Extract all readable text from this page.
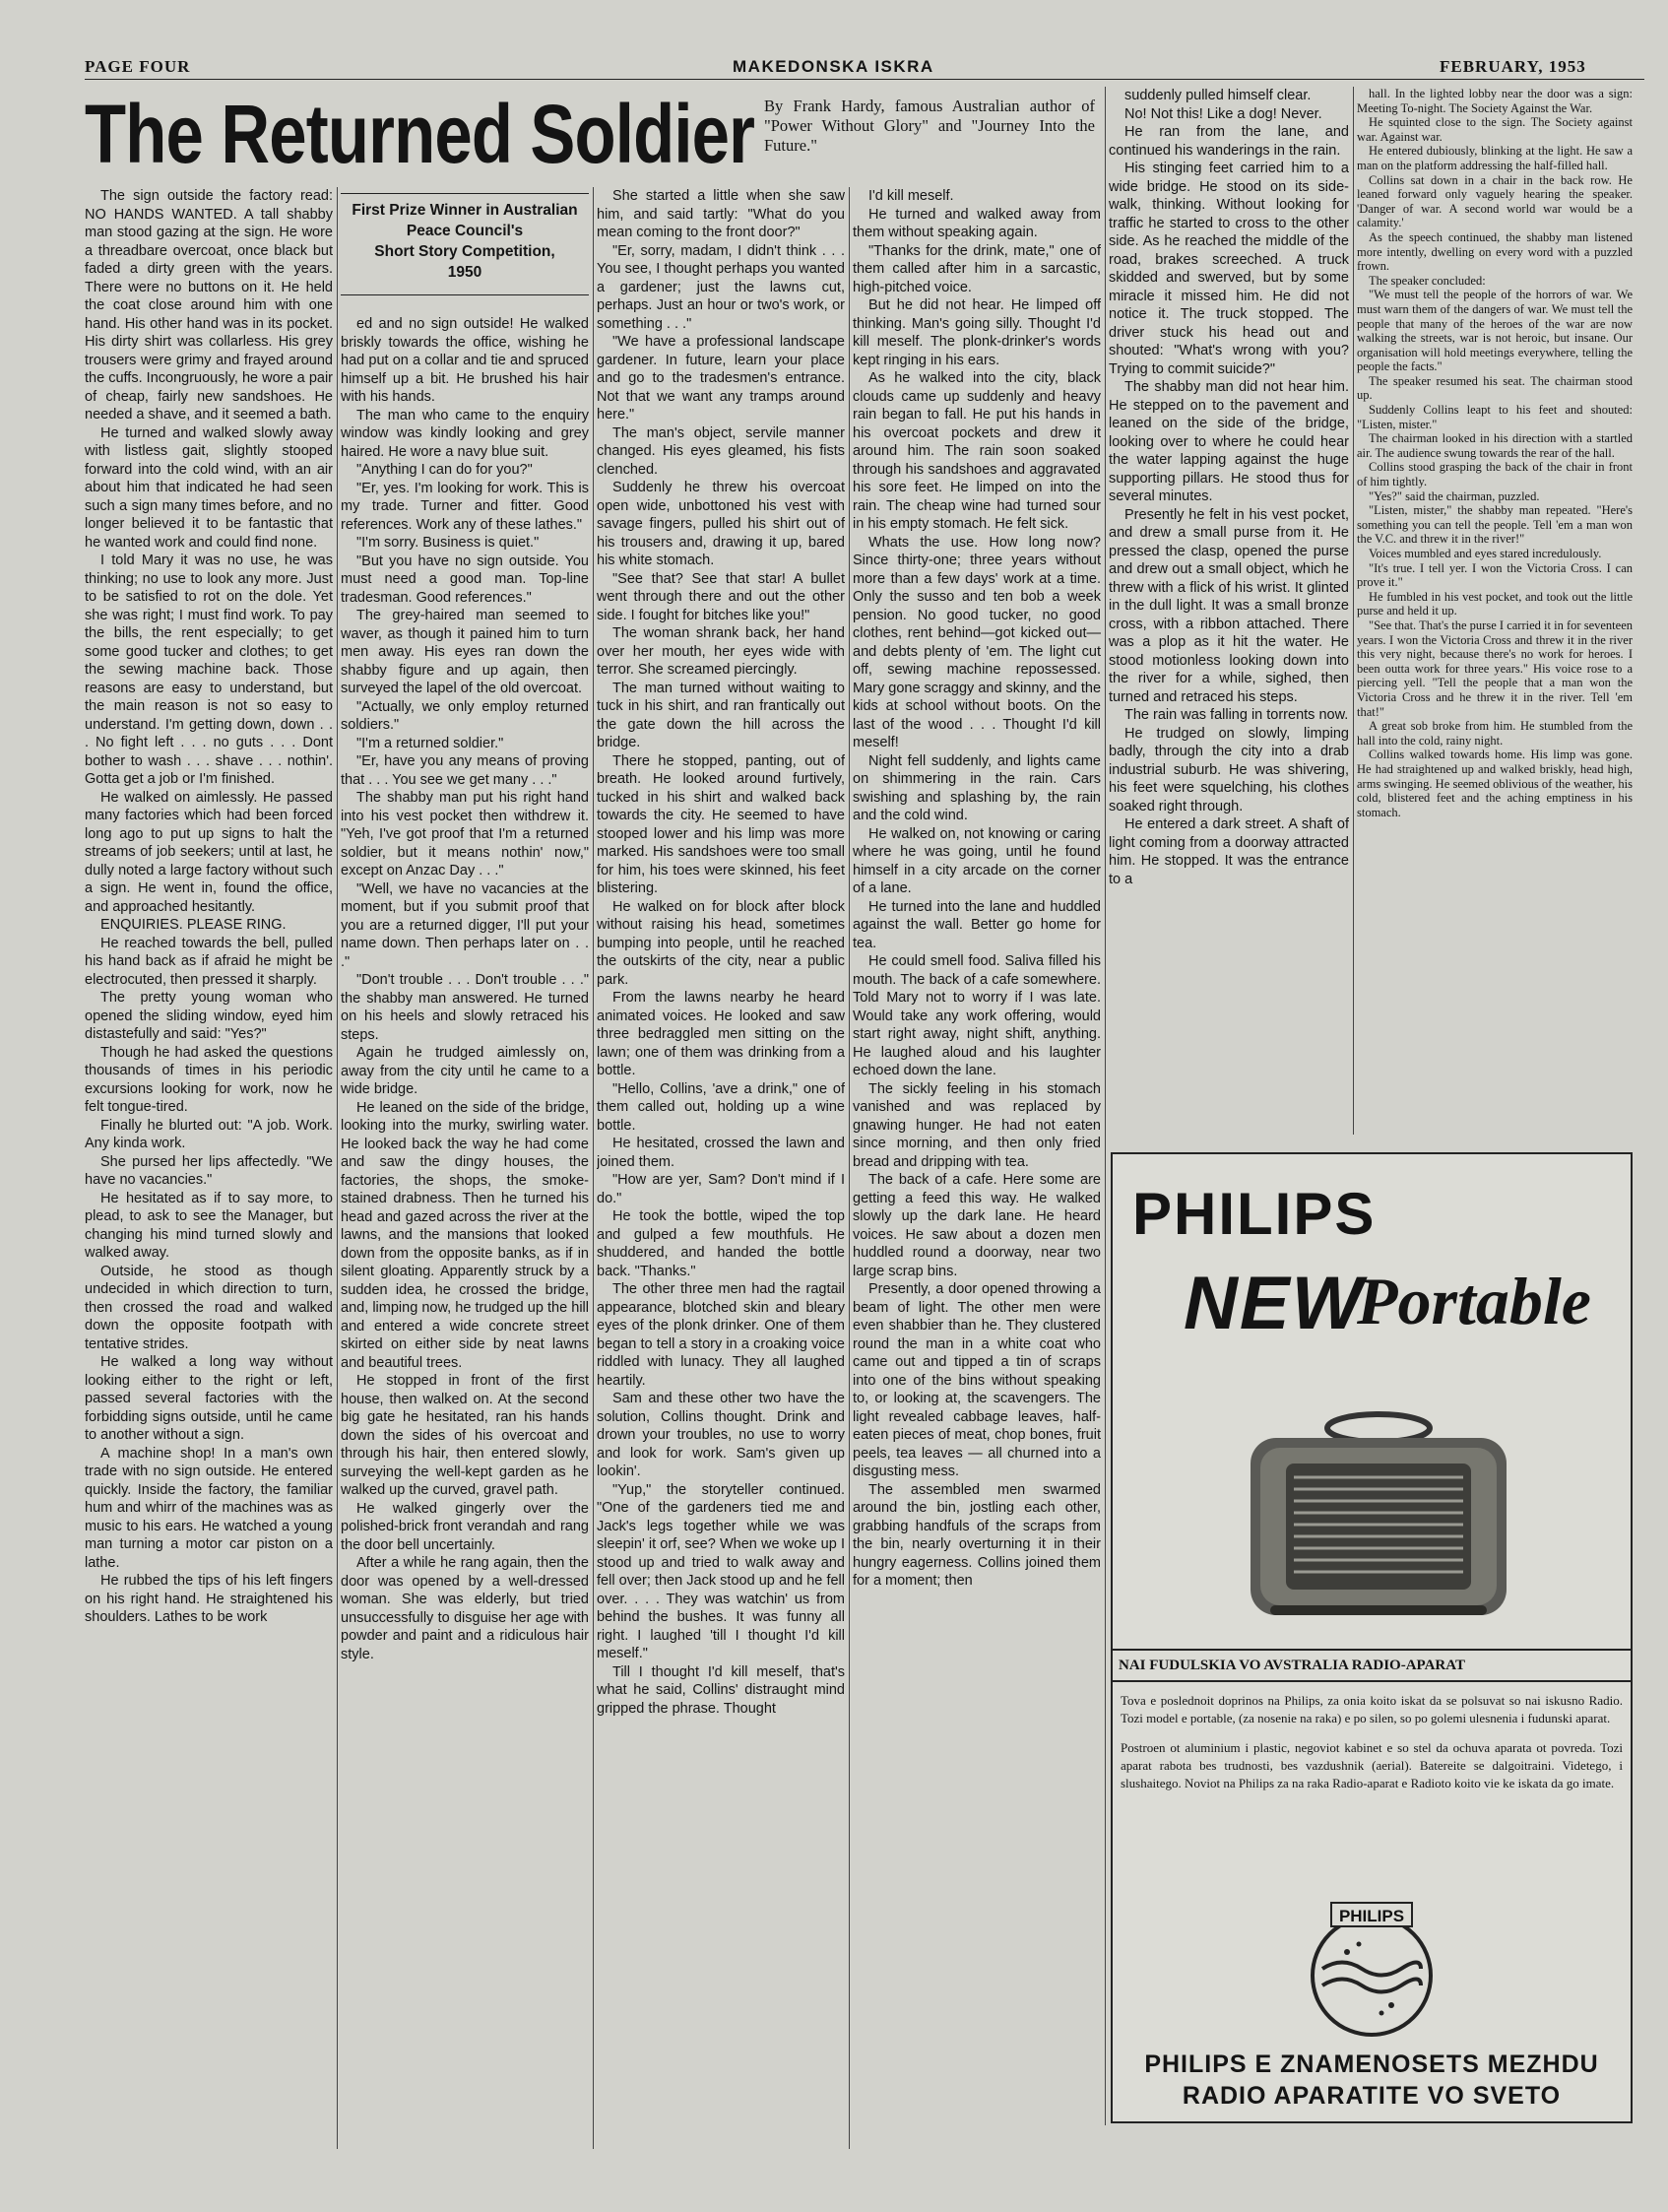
PAGE FOUR	MAKEDONSKA ISKRA	FEBRUARY, 1953
The Returned Soldier By Frank Hardy, famous Australian author of "Power Without Glory" and "Journey Into the Future."
First Prize Winner in Australian Peace Council's
Short Story Competition,
1950

The sign outside the factory read: NO HANDS WANTED. A tall shabby man stood gazing at the sign. He wore a threadbare overcoat, once black but faded a dirty green with the years. There were no buttons on it. He held the coat close around him with one hand. His other hand was in its pocket. His dirty shirt was collarless. His grey trousers were grimy and frayed around the cuffs. Incongruously, he wore a pair of cheap, fairly new sandshoes. He needed a shave, and it seemed a bath.

He turned and walked slowly away with listless gait, slightly stooped forward into the cold wind, with an air about him that indicated he had seen such a sign many times before, and no longer believed it to be fantastic that he wanted work and could find none.

I told Mary it was no use, he was thinking; no use to look any more. Just to be satisfied to rot on the dole. Yet she was right; I must find work. To pay the bills, the rent especially; to get some good tucker and clothes; to get the sewing machine back. Those reasons are easy to understand, but the main reason is not so easy to understand. I'm getting down, down . . . No fight left . . . no guts . . . Dont bother to wash . . . shave . . . nothin'. Gotta get a job or I'm finished.

He walked on aimlessly. He passed many factories which had been forced long ago to put up signs to halt the streams of job seekers; until at last, he dully noted a large factory without such a sign. He went in, found the office, and approached hesitantly.

ENQUIRIES. PLEASE RING.

He reached towards the bell, pulled his hand back as if afraid he might be electrocuted, then pressed it sharply.

The pretty young woman who opened the sliding window, eyed him distastefully and said: "Yes?"

Though he had asked the questions thousands of times in his periodic excursions looking for work, now he felt tongue-tired.

Finally he blurted out: "A job. Work. Any kinda work.

She pursed her lips affectedly. "We have no vacancies."

He hesitated as if to say more, to plead, to ask to see the Manager, but changing his mind turned slowly and walked away.

Outside, he stood as though undecided in which direction to turn, then crossed the road and walked down the opposite footpath with tentative strides.

He walked a long way without looking either to the right or left, passed several factories with the forbidding signs outside, until he came to another without a sign.

A machine shop! In a man's own trade with no sign outside. He entered quickly. Inside the factory, the familiar hum and whirr of the machines was as music to his ears. He watched a young man turning a motor car piston on a lathe.

He rubbed the tips of his left fingers on his right hand. He straightened his shoulders. Lathes to be work

ed and no sign outside! He walked briskly towards the office, wishing he had put on a collar and tie and spruced himself up a bit. He brushed his hair with his hands.

The man who came to the enquiry window was kindly looking and grey haired. He wore a navy blue suit.

"Anything I can do for you?"

"Er, yes. I'm looking for work. This is my trade. Turner and fitter. Good references. Work any of these lathes."

"I'm sorry. Business is quiet."

"But you have no sign outside. You must need a good man. Top-line tradesman. Good references."

The grey-haired man seemed to waver, as though it pained him to turn men away. His eyes ran down the shabby figure and up again, then surveyed the lapel of the old overcoat.

"Actually, we only employ returned soldiers."

"I'm a returned soldier."

"Er, have you any means of proving that . . . You see we get many . . ."

The shabby man put his right hand into his vest pocket then withdrew it. "Yeh, I've got proof that I'm a returned soldier, but it means nothin' now," except on Anzac Day . . ."

"Well, we have no vacancies at the moment, but if you submit proof that you are a returned digger, I'll put your name down. Then perhaps later on . . ."

"Don't trouble . . . Don't trouble . . ." the shabby man answered. He turned on his heels and slowly retraced his steps.

Again he trudged aimlessly on, away from the city until he came to a wide bridge.

He leaned on the side of the bridge, looking into the murky, swirling water. He looked back the way he had come and saw the dingy houses, the factories, the shops, the smoke-stained drabness. Then he turned his head and gazed across the river at the lawns, and the mansions that looked down from the opposite banks, as if in silent gloating. Apparently struck by a sudden idea, he crossed the bridge, and, limping now, he trudged up the hill and entered a wide concrete street skirted on either side by neat lawns and beautiful trees.

He stopped in front of the first house, then walked on. At the second big gate he hesitated, ran his hands down the sides of his overcoat and through his hair, then entered slowly, surveying the well-kept garden as he walked up the curved, gravel path.

He walked gingerly over the polished-brick front verandah and rang the door bell uncertainly.

After a while he rang again, then the door was opened by a well-dressed woman. She was elderly, but tried unsuccessfully to disguise her age with powder and paint and a ridiculous hair style.

She started a little when she saw him, and said tartly: "What do you mean coming to the front door?"

"Er, sorry, madam, I didn't think . . . You see, I thought perhaps you wanted a gardener; just the lawns cut, perhaps. Just an hour or two's work, or something . . ."

"We have a professional landscape gardener. In future, learn your place and go to the tradesmen's entrance. Not that we want any tramps around here."

The man's object, servile manner changed. His eyes gleamed, his fists clenched.

Suddenly he threw his overcoat open wide, unbottoned his vest with savage fingers, pulled his shirt out of his trousers and, drawing it up, bared his white stomach.

"See that? See that star! A bullet went through there and out the other side. I fought for bitches like you!"

The woman shrank back, her hand over her mouth, her eyes wide with terror. She screamed piercingly.

The man turned without waiting to tuck in his shirt, and ran frantically out the gate down the hill across the bridge.

There he stopped, panting, out of breath. He looked around furtively, tucked in his shirt and walked back towards the city. He seemed to have stooped lower and his limp was more marked. His sandshoes were too small for him, his toes were skinned, his feet blistering.

He walked on for block after block without raising his head, sometimes bumping into people, until he reached the outskirts of the city, near a public park.

From the lawns nearby he heard animated voices. He looked and saw three bedraggled men sitting on the lawn; one of them was drinking from a bottle.

"Hello, Collins, 'ave a drink," one of them called out, holding up a wine bottle.

He hesitated, crossed the lawn and joined them.

"How are yer, Sam? Don't mind if I do."

He took the bottle, wiped the top and gulped a few mouthfuls. He shuddered, and handed the bottle back. "Thanks."

The other three men had the ragtail appearance, blotched skin and bleary eyes of the plonk drinker. One of them began to tell a story in a croaking voice riddled with lunacy. They all laughed heartily.

Sam and these other two have the solution, Collins thought. Drink and drown your troubles, no use to worry and look for work. Sam's given up lookin'.

"Yup," the storyteller continued. "One of the gardeners tied me and Jack's legs together while we was sleepin' it orf, see? When we woke up I stood up and tried to walk away and fell over; then Jack stood up and he fell over. . . . They was watchin' us from behind the bushes. It was funny all right. I laughed 'till I thought I'd kill meself."

Till I thought I'd kill meself, that's what he said, Collins' distraught mind gripped the phrase. Thought

I'd kill meself.

He turned and walked away from them without speaking again.

"Thanks for the drink, mate," one of them called after him in a sarcastic, high-pitched voice.

But he did not hear. He limped off thinking. Man's going silly. Thought I'd kill meself. The plonk-drinker's words kept ringing in his ears.

As he walked into the city, black clouds came up suddenly and heavy rain began to fall. He put his hands in his overcoat pockets and drew it around him. The rain soon soaked through his sandshoes and aggravated his sore feet. He limped on into the rain. The cheap wine had turned sour in his empty stomach. He felt sick.

Whats the use. How long now? Since thirty-one; three years without more than a few days' work at a time. Only the susso and ten bob a week pension. No good tucker, no good clothes, rent behind—got kicked out—and debts plenty of 'em. The light cut off, sewing machine repossessed. Mary gone scraggy and skinny, and the kids at school without boots. On the last of the wood . . . Thought I'd kill meself!

Night fell suddenly, and lights came on shimmering in the rain. Cars swishing and splashing by, the rain and the cold wind.

He walked on, not knowing or caring where he was going, until he found himself in a city arcade on the corner of a lane.

He turned into the lane and huddled against the wall. Better go home for tea.

He could smell food. Saliva filled his mouth. The back of a cafe somewhere. Told Mary not to worry if I was late. Would take any work offering, would start right away, night shift, anything. He laughed aloud and his laughter echoed down the lane.

The sickly feeling in his stomach vanished and was replaced by gnawing hunger. He had not eaten since morning, and then only fried bread and dripping with tea.

The back of a cafe. Here some are getting a feed this way. He walked slowly up the dark lane. He heard voices. He saw about a dozen men huddled round a doorway, near two large scrap bins.

Presently, a door opened throwing a beam of light. The other men were even shabbier than he. They clustered round the man in a white coat who came out and tipped a tin of scraps into one of the bins without speaking to, or looking at, the scavengers. The light revealed cabbage leaves, half-eaten pieces of meat, chop bones, fruit peels, tea leaves — all churned into a disgusting mess.

The assembled men swarmed around the bin, jostling each other, grabbing handfuls of the scraps from the bin, nearly overturning it in their hungry eagerness. Collins joined them for a moment; then

suddenly pulled himself clear.

No! Not this! Like a dog! Never.

He ran from the lane, and continued his wanderings in the rain.

His stinging feet carried him to a wide bridge. He stood on its side-walk, thinking. Without looking for traffic he started to cross to the other side. As he reached the middle of the road, brakes screeched. A truck skidded and swerved, but by some miracle it missed him. He did not notice it. The truck stopped. The driver stuck his head out and shouted: "What's wrong with you? Trying to commit suicide?"

The shabby man did not hear him. He stepped on to the pavement and leaned on the side of the bridge, looking over to where he could hear the water lapping against the huge supporting pillars. He stood thus for several minutes.

Presently he felt in his vest pocket, and drew a small purse from it. He pressed the clasp, opened the purse and drew out a small object, which he threw with a flick of his wrist. It glinted in the dull light. It was a small bronze cross, with a ribbon attached. There was a plop as it hit the water. He stood motionless looking down into the river for a while, sighed, then turned and retraced his steps.

The rain was falling in torrents now.

He trudged on slowly, limping badly, through the city into a drab industrial suburb. He was shivering, his feet were squelching, his clothes soaked right through.

He entered a dark street. A shaft of light coming from a doorway attracted him. He stopped. It was the entrance to a

hall. In the lighted lobby near the door was a sign: Meeting To-night. The Society Against the War.

He squinted close to the sign. The Society against war. Against war.

He entered dubiously, blinking at the light. He saw a man on the platform addressing the half-filled hall.

Collins sat down in a chair in the back row. He leaned forward only vaguely hearing the speaker. 'Danger of war. A second world war would be a calamity.'

As the speech continued, the shabby man listened more intently, dwelling on every word with a puzzled frown.

The speaker concluded:

"We must tell the people of the horrors of war. We must warn them of the dangers of war. We must tell the people that many of the heroes of the war are now walking the streets, war is not heroic, but insane. Our organisation will hold meetings everywhere, telling the people the facts."

The speaker resumed his seat. The chairman stood up.

Suddenly Collins leapt to his feet and shouted: "Listen, mister."

The chairman looked in his direction with a startled air. The audience swung towards the rear of the hall.

Collins stood grasping the back of the chair in front of him tightly.

"Yes?" said the chairman, puzzled.

"Listen, mister," the shabby man repeated. "Here's something you can tell the people. Tell 'em a man won the V.C. and threw it in the river!"

Voices mumbled and eyes stared incredulously.

"It's true. I tell yer. I won the Victoria Cross. I can prove it."

He fumbled in his vest pocket, and took out the little purse and held it up.

"See that. That's the purse I carried it in for seventeen years. I won the Victoria Cross and threw it in the river this very night, because there's no work for heroes. I been outta work for three years." His voice rose to a piercing yell. "Tell the people that a man won the Victoria Cross and he threw it in the river. Tell 'em that!"

A great sob broke from him. He stumbled from the hall into the cold, rainy night.

Collins walked towards home. His limp was gone. He had straightened up and walked briskly, head high, arms swinging. He seemed oblivious of the weather, his cold, blistered feet and the aching emptiness in his stomach.

PHILIPS
NEW
Portable
NAI FUDULSKIA VO AVSTRALIA RADIO-APARAT

Tova e poslednoit doprinos na Philips, za onia koito iskat da se polsuvat so nai iskusno Radio. Tozi model e portable, (za nosenie na raka) e po silen, so po golemi ulesnenia i fudunski aparat.

Postroen ot aluminium i plastic, negoviot kabinet e so stel da ochuva aparata ot povreda. Tozi aparat rabota bes trudnosti, bes vazdushnik (aerial). Batereite se dalgoitraini. Videtego, i slushaitego. Noviot na Philips za na raka Radio-aparat e Radioto koito vie ke iskata da go imate.

PHILIPS
PHILIPS E ZNAMENOSETS MEZHDU
RADIO APARATITE VO SVETO
